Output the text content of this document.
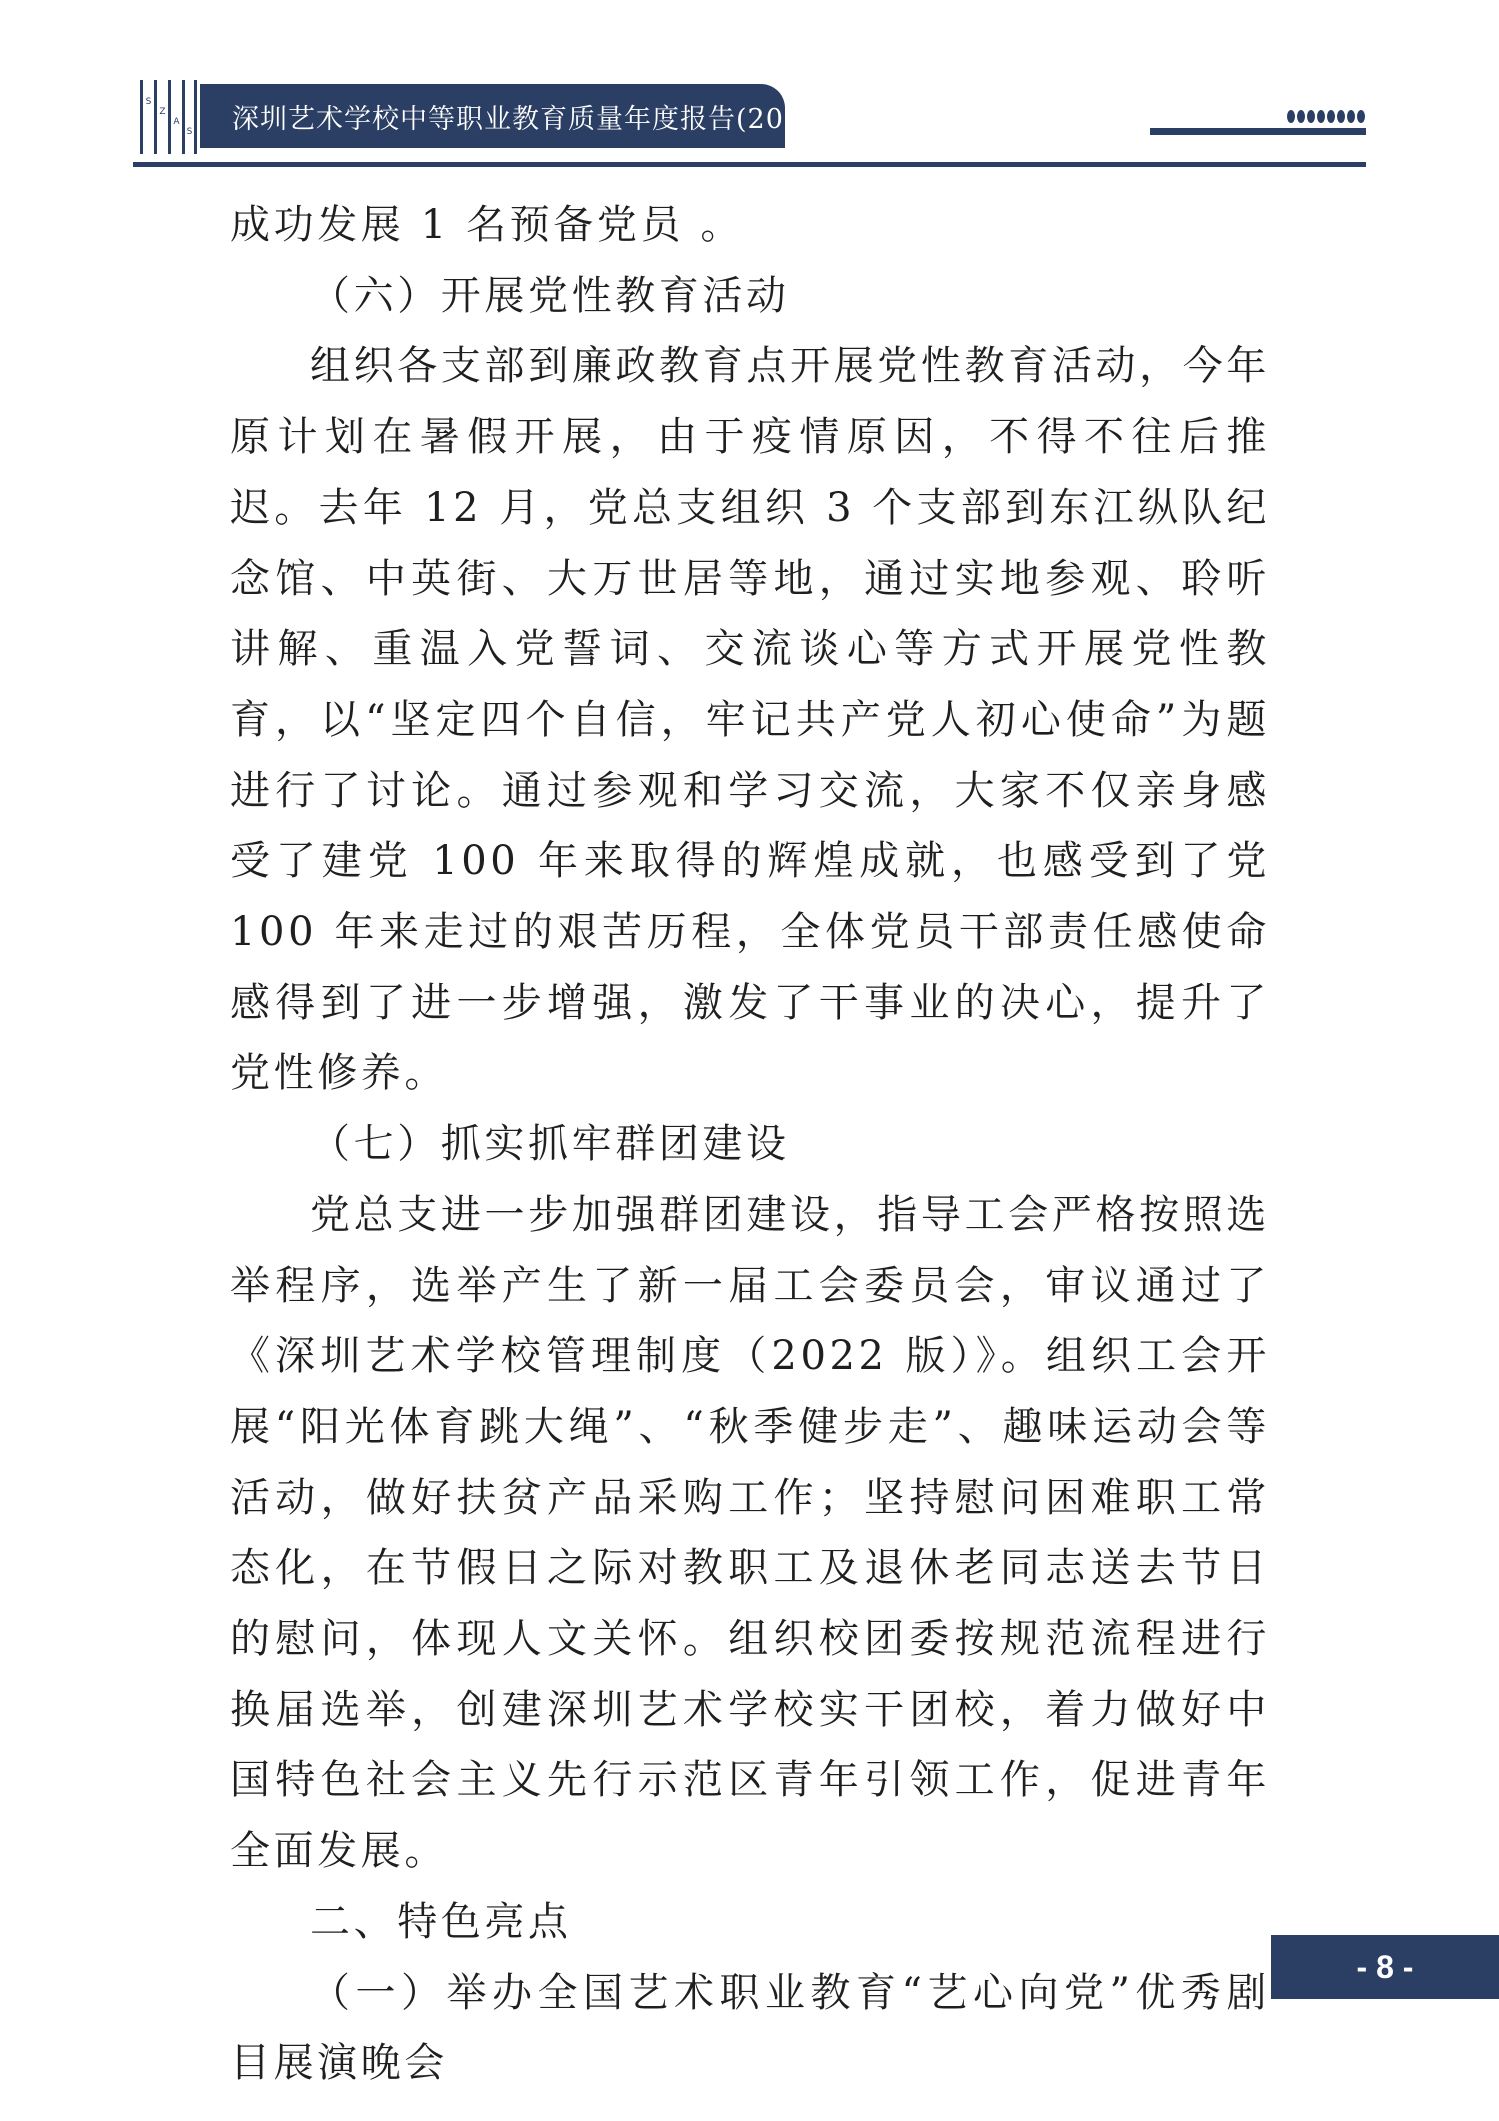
S
Z
A
S	深圳艺术学校中等职业教育质量年度报告(2023)

成功发展 1 名预备党员 。

（六）开展党性教育活动

组织各支部到廉政教育点开展党性教育活动，今年原计划在暑假开展，由于疫情原因，不得不往后推迟。去年 12 月，党总支组织 3 个支部到东江纵队纪念馆、中英街、大万世居等地，通过实地参观、聆听讲解、重温入党誓词、交流谈心等方式开展党性教育，以“坚定四个自信，牢记共产党人初心使命”为题进行了讨论。通过参观和学习交流，大家不仅亲身感受了建党 100 年来取得的辉煌成就，也感受到了党 100 年来走过的艰苦历程，全体党员干部责任感使命感得到了进一步增强，激发了干事业的决心，提升了党性修养。

（七）抓实抓牢群团建设

党总支进一步加强群团建设，指导工会严格按照选举程序，选举产生了新一届工会委员会，审议通过了《深圳艺术学校管理制度（2022 版）》。组织工会开展“阳光体育跳大绳”、“秋季健步走”、趣味运动会等活动，做好扶贫产品采购工作；坚持慰问困难职工常态化，在节假日之际对教职工及退休老同志送去节日的慰问，体现人文关怀。组织校团委按规范流程进行换届选举，创建深圳艺术学校实干团校，着力做好中国特色社会主义先行示范区青年引领工作，促进青年全面发展。

二、特色亮点

（一）举办全国艺术职业教育“艺心向党”优秀剧目展演晚会

- 8 -
